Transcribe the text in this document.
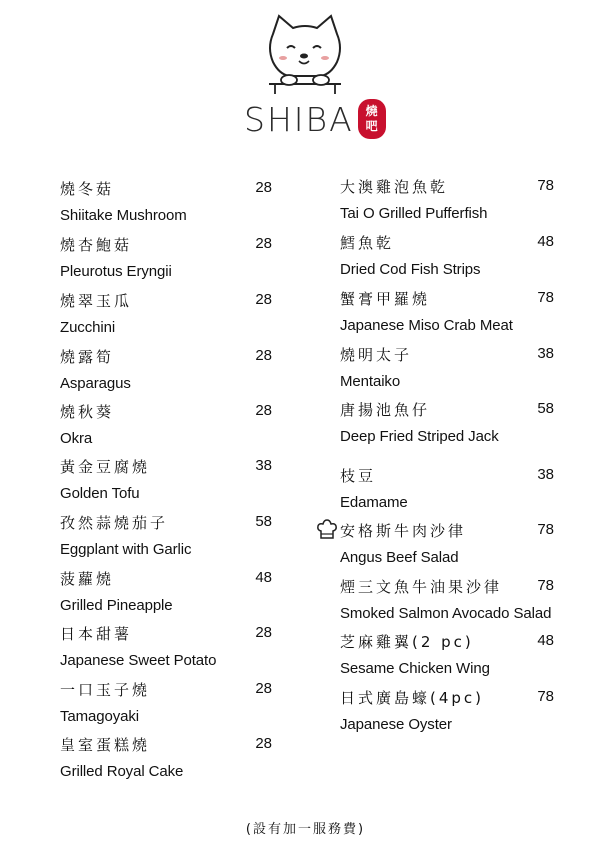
SHIBA 燒
吧
燒冬菇	28
Shiitake Mushroom
燒杏鮑菇	28
Pleurotus Eryngii
燒翠玉瓜	28
Zucchini
燒露筍	28
Asparagus
燒秋葵	28
Okra
黃金豆腐燒	38
Golden Tofu
孜然蒜燒茄子	58
Eggplant with Garlic
菠蘿燒	48
Grilled Pineapple
日本甜薯	28
Japanese Sweet Potato
一口玉子燒	28
Tamagoyaki
皇室蛋糕燒	28
Grilled Royal Cake
大澳雞泡魚乾	78
Tai O Grilled Pufferfish
鱈魚乾	48
Dried Cod Fish Strips
蟹膏甲羅燒	78
Japanese Miso Crab Meat
燒明太子	38
Mentaiko
唐揚池魚仔	58
Deep Fried Striped Jack
枝豆	38
Edamame
安格斯牛肉沙律	78
Angus Beef Salad
煙三文魚牛油果沙律 78
Smoked Salmon Avocado Salad
芝麻雞翼(2 pc)	48
Sesame Chicken Wing
日式廣島蠔(4pc)	78
Japanese Oyster
(設有加一服務費)
